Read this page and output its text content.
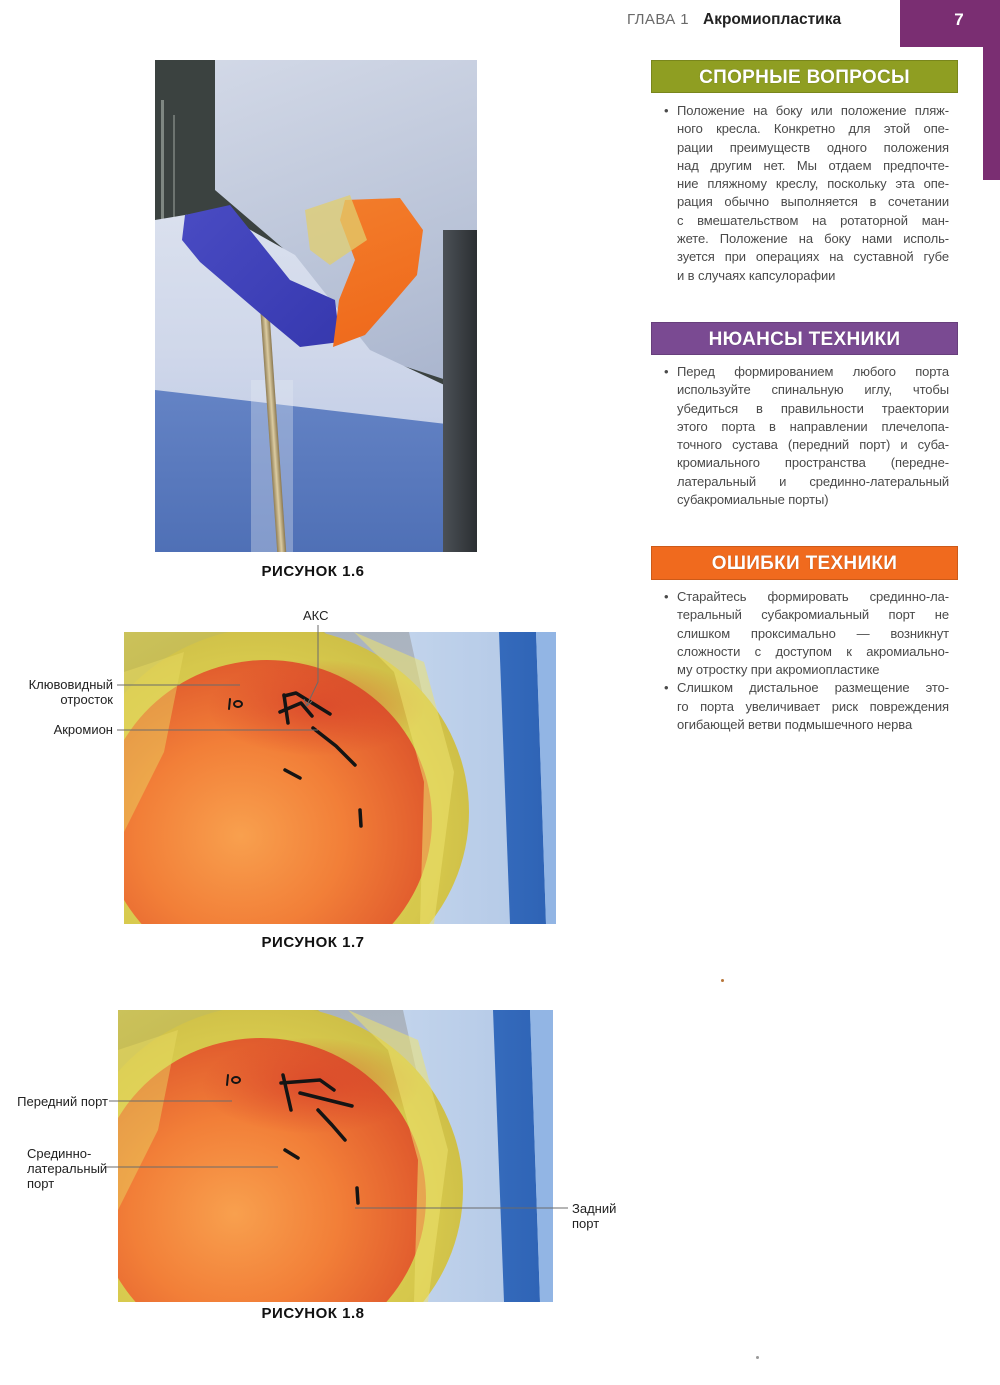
ГЛАВА 1 Акромиопластика	7
РИСУНОК 1.6
РИСУНОК 1.7
АКС
Клювовидный
отросток
Акромион
РИСУНОК 1.8
Передний порт
Срединно-
латеральный
порт
Задний
порт
СПОРНЫЕ ВОПРОСЫ
•
Положение на боку или положение пляж-
ного кресла. Конкретно для этой опе-
рации преимуществ одного положения
над другим нет. Мы отдаем предпочте-
ние пляжному креслу, поскольку эта опе-
рация обычно выполняется в сочетании
с вмешательством на ротаторной ман-
жете. Положение на боку нами исполь-
зуется при операциях на суставной губе
и в случаях капсулорафии
НЮАНСЫ ТЕХНИКИ
•
Перед формированием любого порта
используйте спинальную иглу, чтобы
убедиться в правильности траектории
этого порта в направлении плечелопа-
точного сустава (передний порт) и суба-
кромиального пространства (передне-
латеральный и срединно-латеральный
субакромиальные порты)
ОШИБКИ ТЕХНИКИ
•
Старайтесь формировать срединно-ла-
теральный субакромиальный порт не
слишком проксимально — возникнут
сложности с доступом к акромиально-
му отростку при акромиопластике
•
Слишком дистальное размещение это-
го порта увеличивает риск повреждения
огибающей ветви подмышечного нерва
